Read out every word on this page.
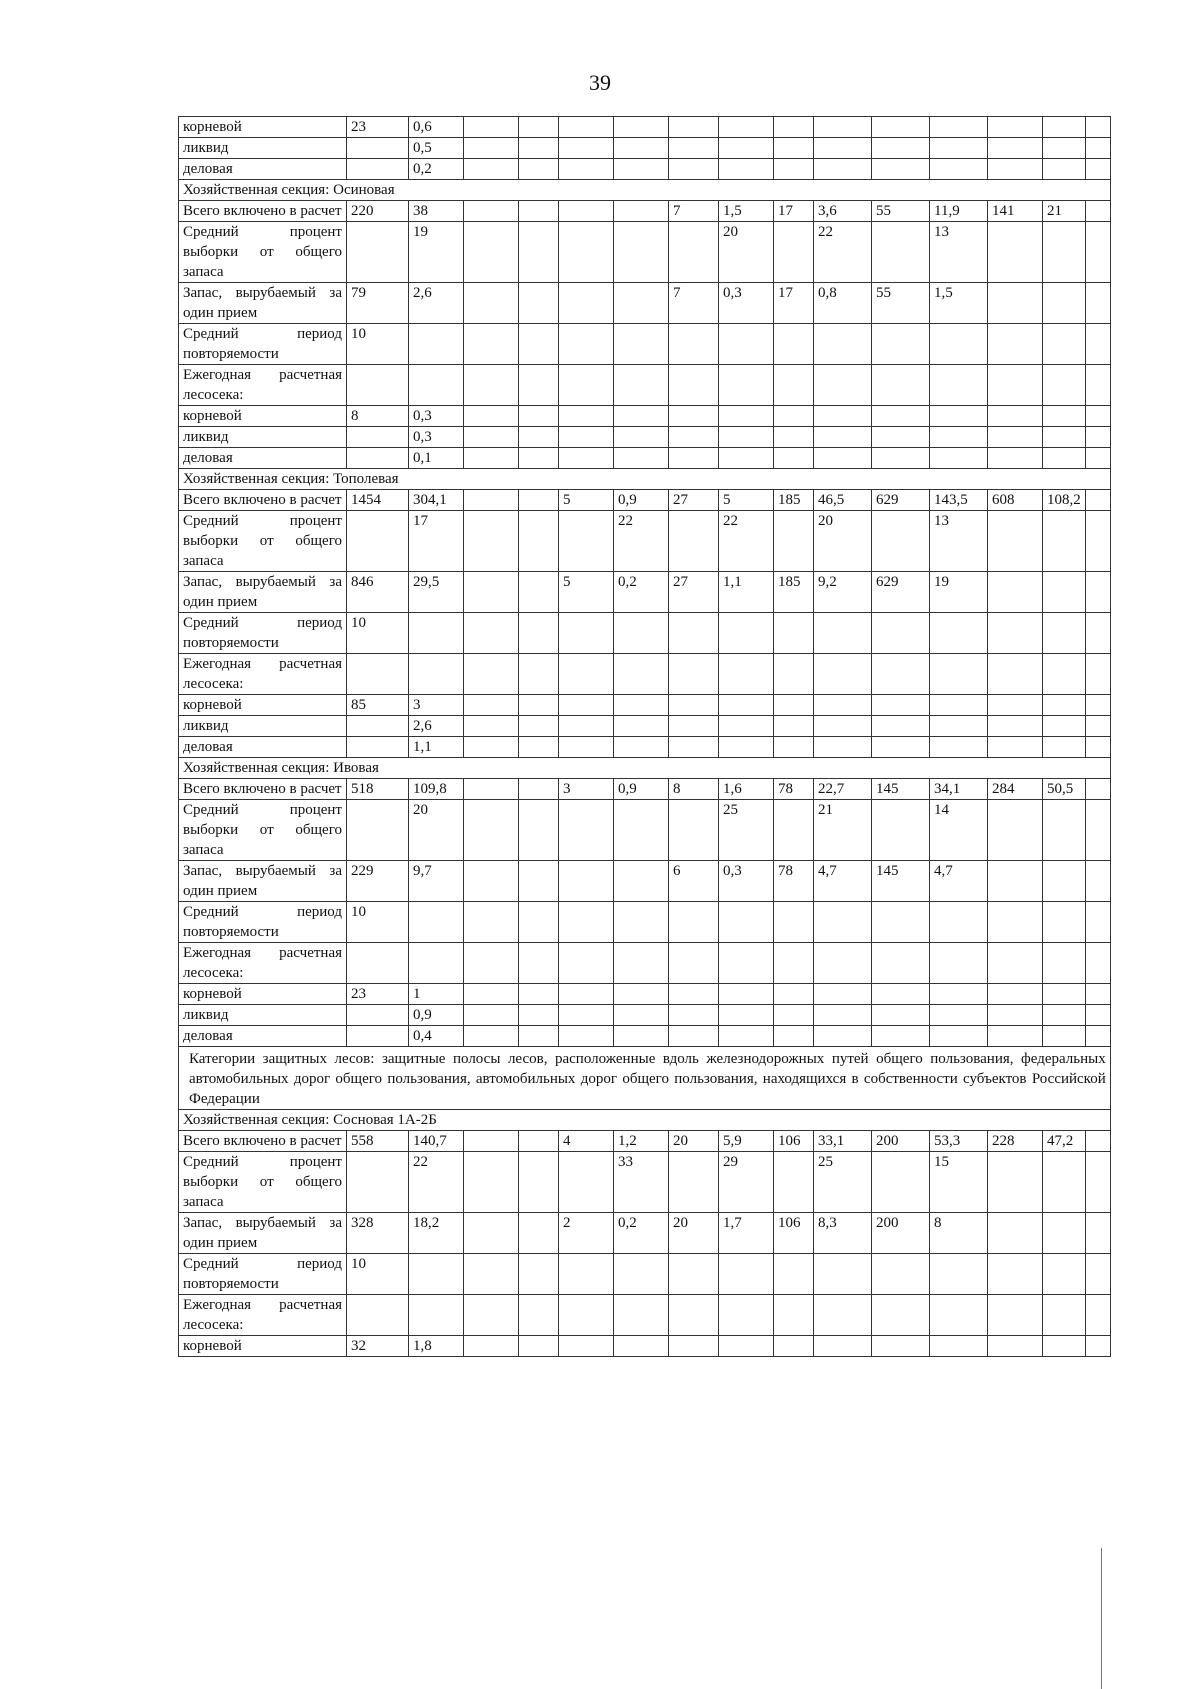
39
корневой	23	0,6													
ликвид		0,5													
деловая		0,2													
Хозяйственная секция: Осиновая															
Всего включено в расчет	220	38					7	1,5	17	3,6	55	11,9	141	21	
Средний процент выборки от общего запаса		19						20		22		13			
Запас, вырубаемый за один прием	79	2,6					7	0,3	17	0,8	55	1,5			
Средний период повторяемости	10														
Ежегодная расчетная лесосека:															
корневой	8	0,3													
ликвид		0,3													
деловая		0,1													
Хозяйственная секция: Тополевая															
Всего включено в расчет	1454	304,1			5	0,9	27	5	185	46,5	629	143,5	608	108,2	
Средний процент выборки от общего запаса		17				22		22		20		13			
Запас, вырубаемый за один прием	846	29,5			5	0,2	27	1,1	185	9,2	629	19			
Средний период повторяемости	10														
Ежегодная расчетная лесосека:															
корневой	85	3													
ликвид		2,6													
деловая		1,1													
Хозяйственная секция: Ивовая															
Всего включено в расчет	518	109,8			3	0,9	8	1,6	78	22,7	145	34,1	284	50,5	
Средний процент выборки от общего запаса		20						25		21		14			
Запас, вырубаемый за один прием	229	9,7					6	0,3	78	4,7	145	4,7			
Средний период повторяемости	10														
Ежегодная расчетная лесосека:															
корневой	23	1													
ликвид		0,9													
деловая		0,4													
Категории защитных лесов: защитные полосы лесов, расположенные вдоль железнодорожных путей общего пользования, федеральных автомобильных дорог общего пользования, автомобильных дорог общего пользования, находящихся в собственности субъектов Российской Федерации															
Хозяйственная секция: Сосновая 1А-2Б															
Всего включено в расчет	558	140,7			4	1,2	20	5,9	106	33,1	200	53,3	228	47,2	
Средний процент выборки от общего запаса		22				33		29		25		15			
Запас, вырубаемый за один прием	328	18,2			2	0,2	20	1,7	106	8,3	200	8			
Средний период повторяемости	10														
Ежегодная расчетная лесосека:															
корневой	32	1,8													
